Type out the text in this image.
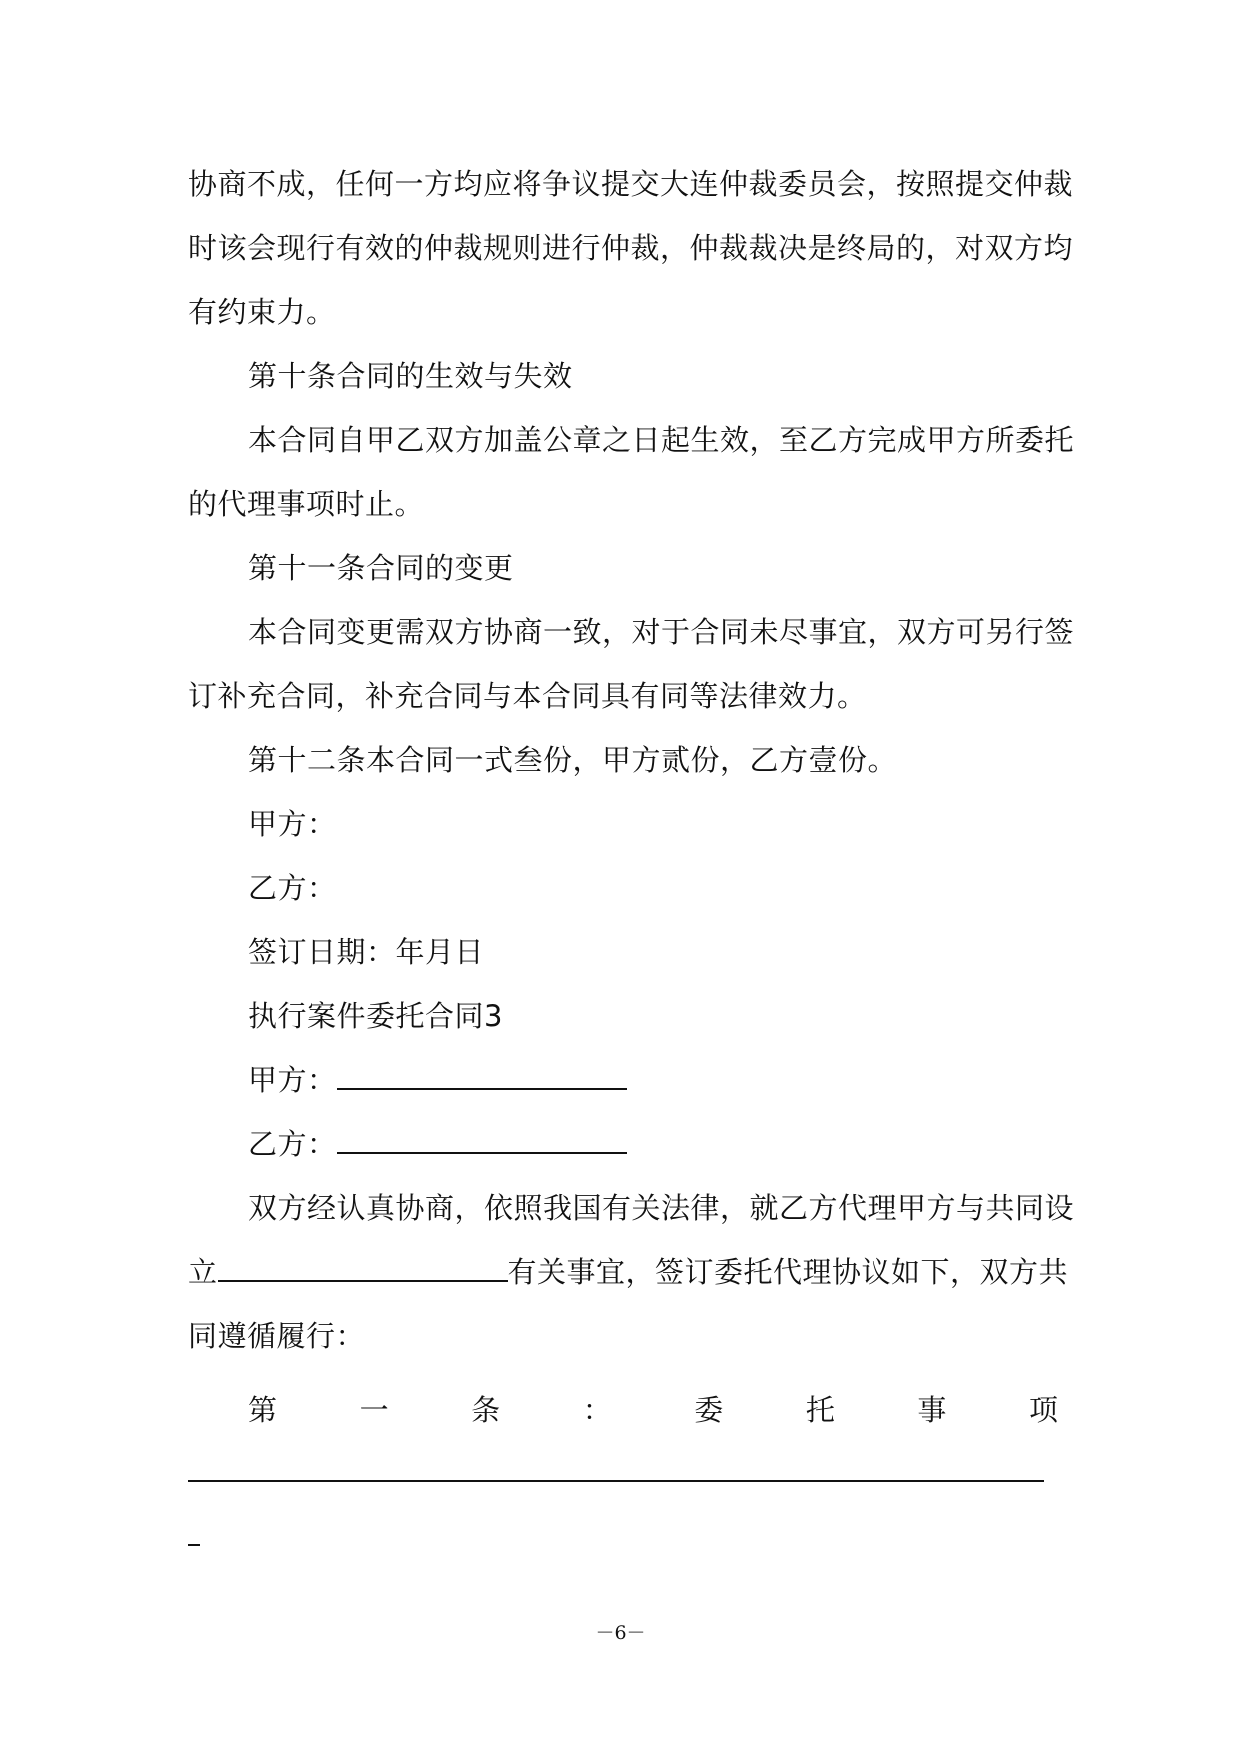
协商不成，任何一方均应将争议提交大连仲裁委员会，按照提交仲裁
时该会现行有效的仲裁规则进行仲裁，仲裁裁决是终局的，对双方均
有约束力。
第十条合同的生效与失效
本合同自甲乙双方加盖公章之日起生效，至乙方完成甲方所委托
的代理事项时止。
第十一条合同的变更
本合同变更需双方协商一致，对于合同未尽事宜，双方可另行签
订补充合同，补充合同与本合同具有同等法律效力。
第十二条本合同一式叁份，甲方贰份，乙方壹份。
甲方：
乙方：
签订日期：年月日
执行案件委托合同3
甲方：
乙方：
双方经认真协商，依照我国有关法律，就乙方代理甲方与共同设
立	有关事宜，签订委托代理协议如下，双方共
同遵循履行：
第	一	条	：	委	托	事	项
－6－
